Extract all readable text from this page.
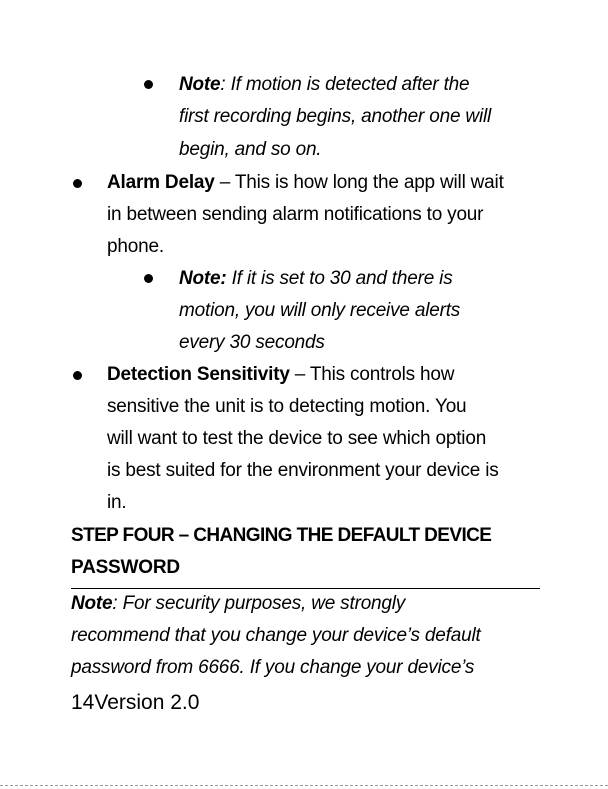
Note: If motion is detected after the
first recording begins, another one will
begin, and so on.
Alarm Delay – This is how long the app will wait
in between sending alarm notifications to your
phone.
Note: If it is set to 30 and there is
motion, you will only receive alerts
every 30 seconds
Detection Sensitivity – This controls how
sensitive the unit is to detecting motion. You
will want to test the device to see which option
is best suited for the environment your device is
in.
STEP FOUR – CHANGING THE DEFAULT DEVICE
PASSWORD
Note: For security purposes, we strongly
recommend that you change your device’s default
password from 6666. If you change your device’s
14Version 2.0
